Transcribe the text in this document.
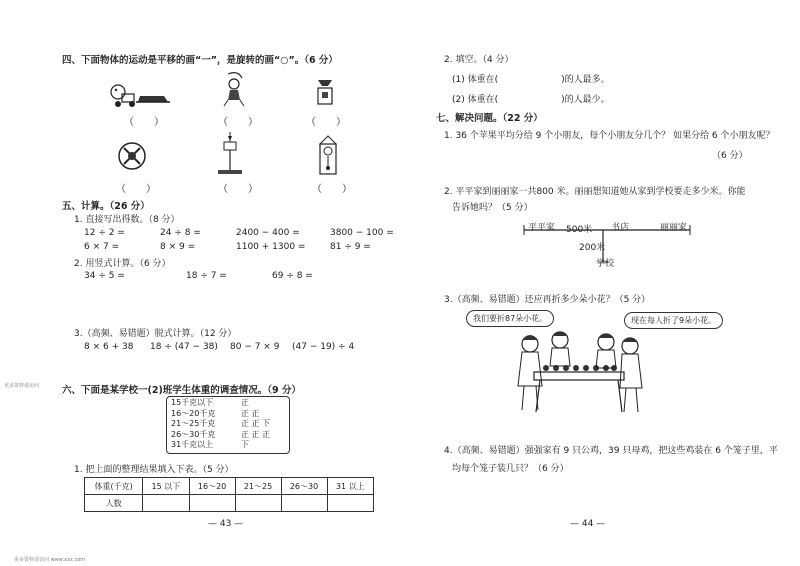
四、下面物体的运动是平移的画“一”，是旋转的画“○”。（6 分）
（　　）	（　　）	（　　）
（　　）	（　　）	（　　）
五、计算。（26 分）
1. 直接写出得数。（8 分）
12 ÷ 2 =	24 ÷ 8 =	2400 − 400 =	3800 − 100 =
6 × 7 =	8 × 9 =	1100 + 1300 =	81 ÷ 9 =
2. 用竖式计算。（6 分）
34 ÷ 5 =	18 ÷ 7 =	69 ÷ 8 =
3.（高频、易错题）脱式计算。（12 分）
8 × 6 + 38 18 ÷ (47 − 38) 80 − 7 × 9 (47 − 19) ÷ 4
更多资料请访问 六、下面是某学校一(2)班学生体重的调查情况。（9 分）
15千克以下	正
16～20千克	正 正
21～25千克	正 正 下
26～30千克	正 正 正
31千克以上	下
1. 把上面的整理结果填入下表。（5 分）
体重(千克)	15 以下	16～20	21～25	26～30	31 以上
人数					
— 43 —
2. 填空。（4 分）
(1) 体重在(　　　　　　　)的人最多。
(2) 体重在(　　　　　　　)的人最少。
七、解决问题。（22 分）
1. 36 个苹果平均分给 9 个小朋友，每个小朋友分几个？ 如果分给 6 个小朋友呢？
（6 分）
2. 平平家到丽丽家一共800 米。丽丽想知道她从家到学校要走多少米。你能
告诉她吗？（5 分）
平平家 500米 书店	丽丽家
200米
学校
3.（高频、易错题）还应再折多少朵小花？（5 分）
我们要折87朵小花。	现在每人折了9朵小花。
4.（高频、易错题）强强家有 9 只公鸡，39 只母鸡，把这些鸡装在 6 个笼子里，平
均每个笼子装几只？（6 分）
— 44 —
更多资料请访问 www.xxx.com
